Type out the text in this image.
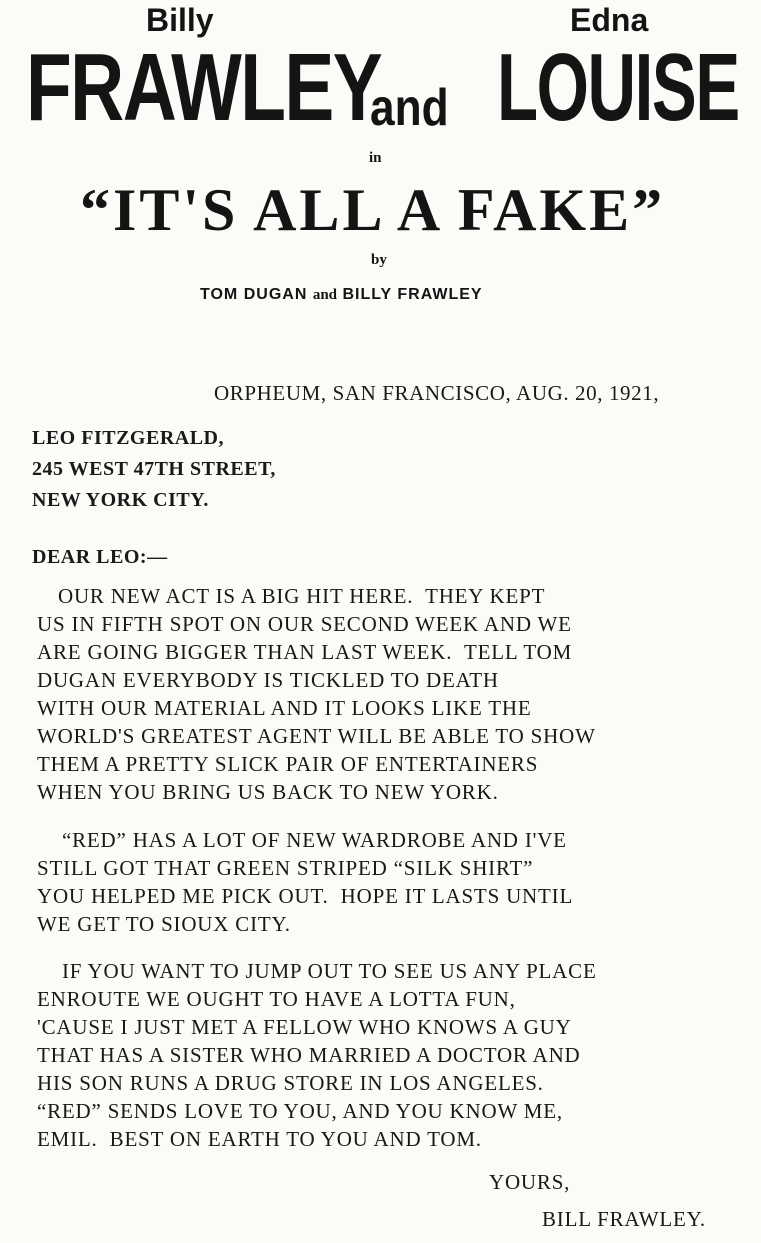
Billy	Edna
FRAWLEY
and LOUISE
in
“IT'S ALL A FAKE”
by
TOM DUGAN and BILLY FRAWLEY
ORPHEUM, SAN FRANCISCO, AUG. 20, 1921,
LEO FITZGERALD,
245 WEST 47TH STREET,
NEW YORK CITY.
DEAR LEO:—
OUR NEW ACT IS A BIG HIT HERE.  THEY KEPT
US IN FIFTH SPOT ON OUR SECOND WEEK AND WE
ARE GOING BIGGER THAN LAST WEEK.  TELL TOM
DUGAN EVERYBODY IS TICKLED TO DEATH
WITH OUR MATERIAL AND IT LOOKS LIKE THE
WORLD'S GREATEST AGENT WILL BE ABLE TO SHOW
THEM A PRETTY SLICK PAIR OF ENTERTAINERS
WHEN YOU BRING US BACK TO NEW YORK.
“RED” HAS A LOT OF NEW WARDROBE AND I'VE
STILL GOT THAT GREEN STRIPED “SILK SHIRT”
YOU HELPED ME PICK OUT.  HOPE IT LASTS UNTIL
WE GET TO SIOUX CITY.
IF YOU WANT TO JUMP OUT TO SEE US ANY PLACE
ENROUTE WE OUGHT TO HAVE A LOTTA FUN,
'CAUSE I JUST MET A FELLOW WHO KNOWS A GUY
THAT HAS A SISTER WHO MARRIED A DOCTOR AND
HIS SON RUNS A DRUG STORE IN LOS ANGELES.
“RED” SENDS LOVE TO YOU, AND YOU KNOW ME,
EMIL.  BEST ON EARTH TO YOU AND TOM.
YOURS,
BILL FRAWLEY.
